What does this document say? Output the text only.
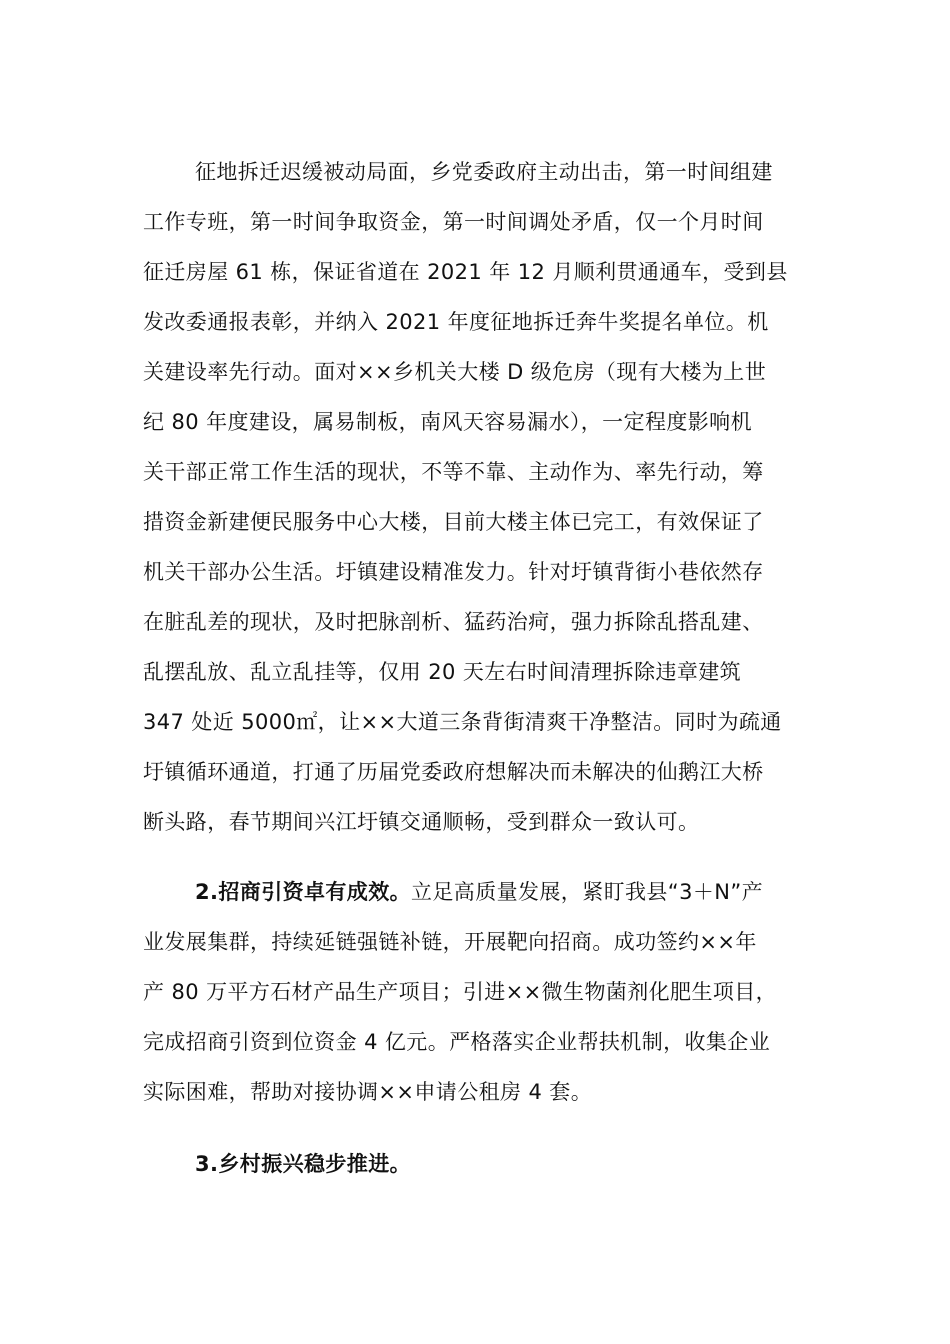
征地拆迁迟缓被动局面，乡党委政府主动出击，第一时间组建
工作专班，第一时间争取资金，第一时间调处矛盾，仅一个月时间
征迁房屋 61 栋，保证省道在 2021 年 12 月顺利贯通通车，受到县
发改委通报表彰，并纳入 2021 年度征地拆迁奔牛奖提名单位。机
关建设率先行动。面对××乡机关大楼 D 级危房（现有大楼为上世
纪 80 年度建设，属易制板，南风天容易漏水），一定程度影响机
关干部正常工作生活的现状，不等不靠、主动作为、率先行动，筹
措资金新建便民服务中心大楼，目前大楼主体已完工，有效保证了
机关干部办公生活。圩镇建设精准发力。针对圩镇背街小巷依然存
在脏乱差的现状，及时把脉剖析、猛药治疴，强力拆除乱搭乱建、
乱摆乱放、乱立乱挂等，仅用 20 天左右时间清理拆除违章建筑
347 处近 5000㎡，让××大道三条背街清爽干净整洁。同时为疏通
圩镇循环通道，打通了历届党委政府想解决而未解决的仙鹅江大桥
断头路，春节期间兴江圩镇交通顺畅，受到群众一致认可。
2.招商引资卓有成效。立足高质量发展，紧盯我县“3＋N”产
业发展集群，持续延链强链补链，开展靶向招商。成功签约××年
产 80 万平方石材产品生产项目；引进××微生物菌剂化肥生项目，
完成招商引资到位资金 4 亿元。严格落实企业帮扶机制，收集企业
实际困难，帮助对接协调××申请公租房 4 套。
3.乡村振兴稳步推进。
